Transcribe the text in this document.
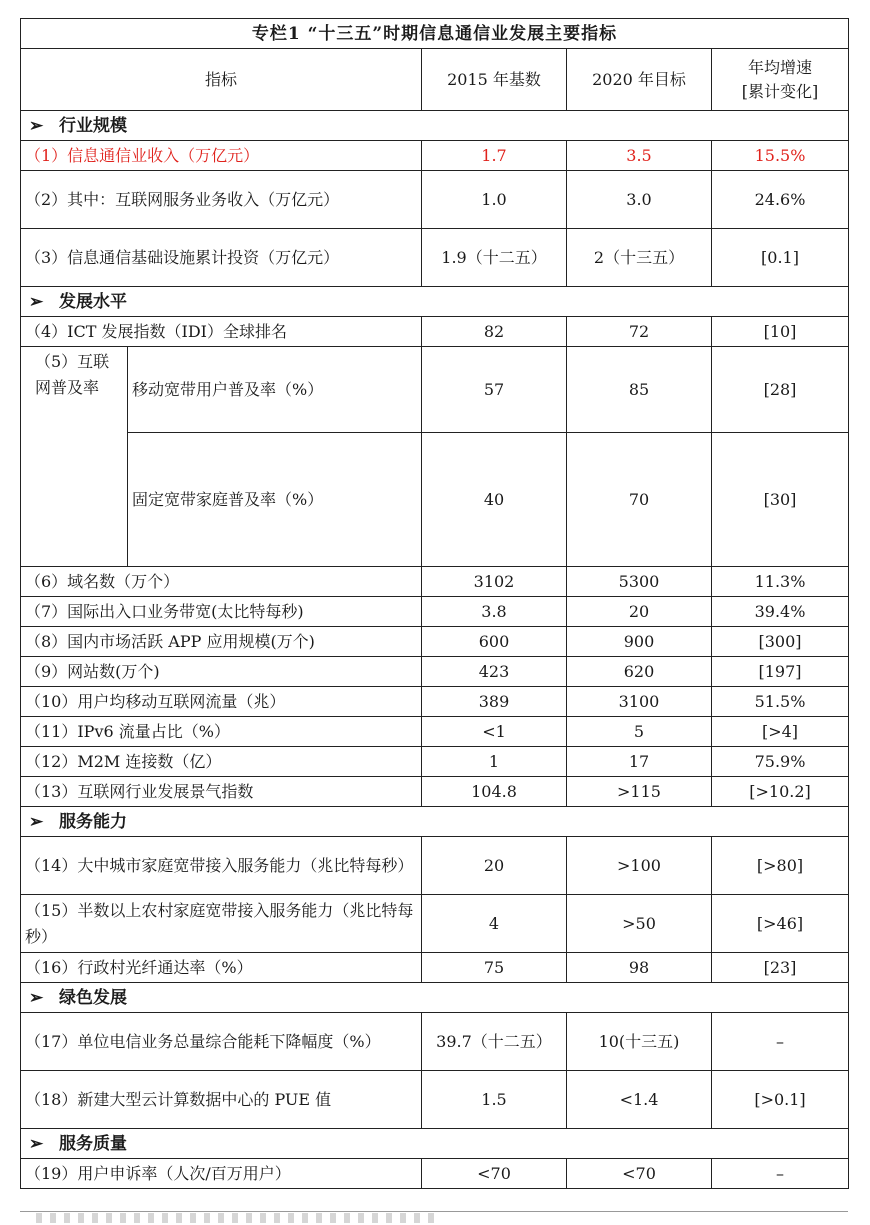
专栏1 “十三五”时期信息通信业发展主要指标				
指标		2015 年基数	2020 年目标	年均增速
[累计变化]

➢ 行业规模				
（1）信息通信业收入（万亿元）		1.7	3.5	15.5%
（2）其中：互联网服务业务收入（万亿元）		1.0	3.0	24.6%
（3）信息通信基础设施累计投资（万亿元）		1.9（十二五）	2（十三五）	[0.1]
➢ 发展水平				
（4）ICT 发展指数（IDI）全球排名		82	72	[10]
（5）互联网普及率	移动宽带用户普及率（%）	57	85	[28]
	固定宽带家庭普及率（%）	40	70	[30]
（6）域名数（万个）		3102	5300	11.3%
（7）国际出入口业务带宽(太比特每秒)		3.8	20	39.4%
（8）国内市场活跃 APP 应用规模(万个)		600	900	[300]
（9）网站数(万个)		423	620	[197]
（10）用户均移动互联网流量（兆）		389	3100	51.5%
（11）IPv6 流量占比（%）		<1	5	[>4]
（12）M2M 连接数（亿）		1	17	75.9%
（13）互联网行业发展景气指数		104.8	>115	[>10.2]
➢ 服务能力				
（14）大中城市家庭宽带接入服务能力（兆比特每秒）		20	>100	[>80]
（15）半数以上农村家庭宽带接入服务能力（兆比特每秒）		4	>50	[>46]
（16）行政村光纤通达率（%）		75	98	[23]
➢ 绿色发展				
（17）单位电信业务总量综合能耗下降幅度（%）		39.7（十二五）	10(十三五)	–
（18）新建大型云计算数据中心的 PUE 值		1.5	<1.4	[>0.1]
➢ 服务质量				
（19）用户申诉率（人次/百万用户）		<70	<70	–
